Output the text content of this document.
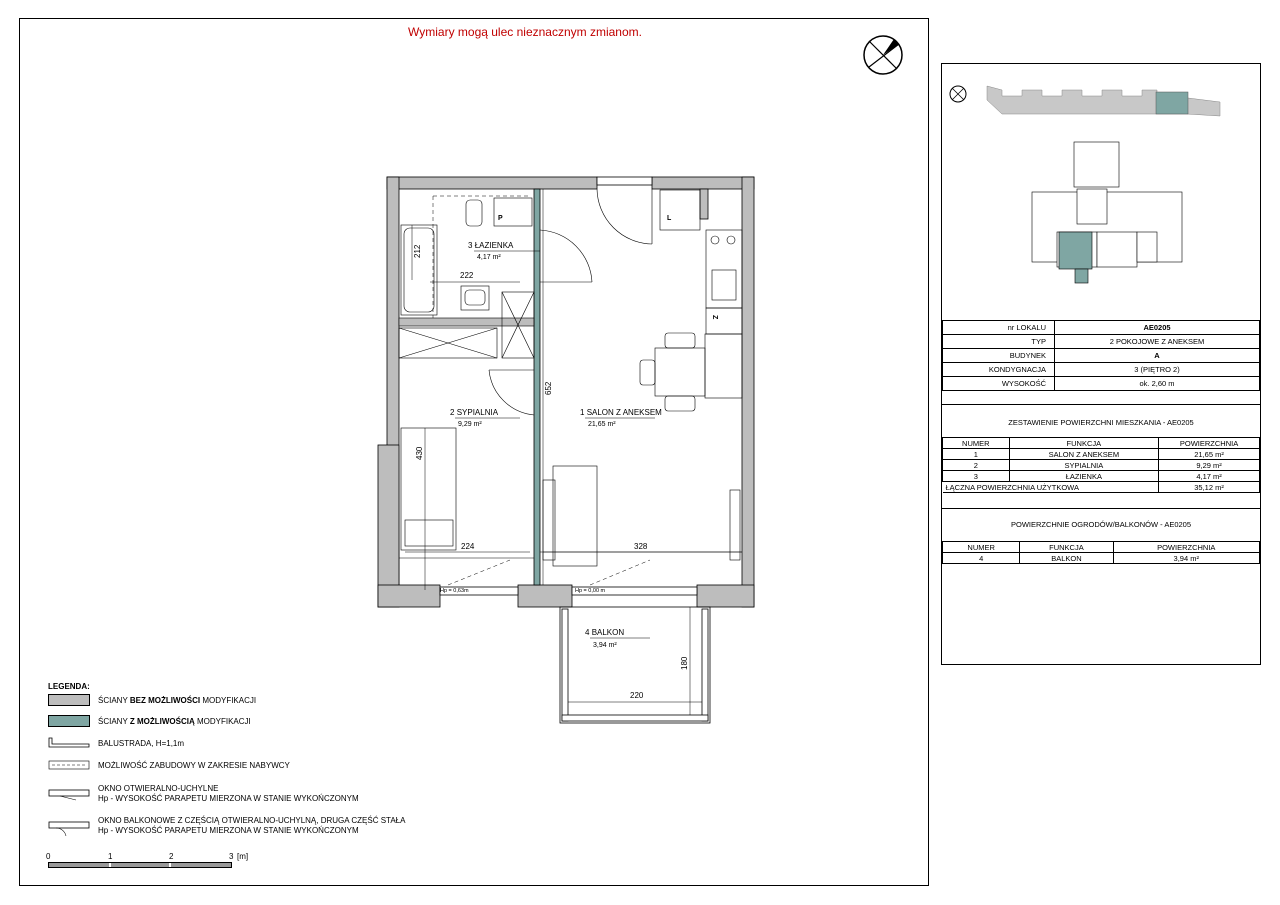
Wymiary mogą ulec nieznacznym zmianom.
212
222
430
224
652
328
180
220
P	L
Z
Hp = 0,63m	Hp = 0,00 m
3 ŁAZIENKA
4,17 m²
2 SYPIALNIA
9,29 m²
1 SALON Z ANEKSEM
21,65 m²
4 BALKON
3,94 m²
LEGENDA:
ŚCIANY BEZ MOŻLIWOŚCI MODYFIKACJI
ŚCIANY Z MOŻLIWOŚCIĄ MODYFIKACJI
BALUSTRADA, H=1,1m
MOŻLIWOŚĆ ZABUDOWY W ZAKRESIE NABYWCY
OKNO OTWIERALNO-UCHYLNE
Hp - WYSOKOŚĆ PARAPETU MIERZONA W STANIE WYKOŃCZONYM
OKNO BALKONOWE Z CZĘŚCIĄ OTWIERALNO-UCHYLNĄ, DRUGA CZĘŚĆ STAŁA
Hp - WYSOKOŚĆ PARAPETU MIERZONA W STANIE WYKOŃCZONYM
0	1	2	3 [m]
nr LOKALU	AE0205
TYP	2 POKOJOWE Z ANEKSEM
BUDYNEK	A
KONDYGNACJA	3 (PIĘTRO 2)
WYSOKOŚĆ	ok. 2,60 m
ZESTAWIENIE POWIERZCHNI MIESZKANIA - AE0205
NUMER	FUNKCJA	POWIERZCHNIA
1	SALON Z ANEKSEM	21,65 m²
2	SYPIALNIA	9,29 m²
3	ŁAZIENKA	4,17 m²
ŁĄCZNA POWIERZCHNIA UŻYTKOWA		35,12 m²
POWIERZCHNIE OGRODÓW/BALKONÓW - AE0205
NUMER	FUNKCJA	POWIERZCHNIA
4	BALKON	3,94 m²
